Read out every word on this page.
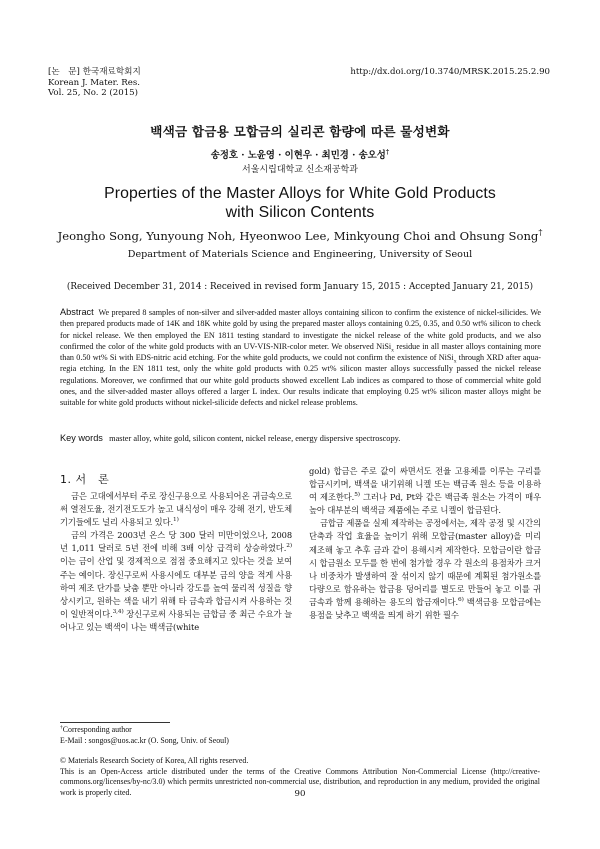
[논　문] 한국재료학회지
Korean J. Mater. Res.
Vol. 25, No. 2 (2015)
http://dx.doi.org/10.3740/MRSK.2015.25.2.90
백색금 합금용 모합금의 실리콘 함량에 따른 물성변화
송정호 · 노윤영 · 이현우 · 최민경 · 송오성†
서울시립대학교 신소재공학과
Properties of the Master Alloys for White Gold Products
with Silicon Contents
Jeongho Song, Yunyoung Noh, Hyeonwoo Lee, Minkyoung Choi and Ohsung Song†
Department of Materials Science and Engineering, University of Seoul
(Received December 31, 2014 : Received in revised form January 15, 2015 : Accepted January 21, 2015)
Abstract We prepared 8 samples of non-silver and silver-added master alloys containing silicon to confirm the existence of nickel-silicides. We then prepared products made of 14K and 18K white gold by using the prepared master alloys containing 0.25, 0.35, and 0.50 wt% silicon to check for nickel release. We then employed the EN 1811 testing standard to investigate the nickel release of the white gold products, and we also confirmed the color of the white gold products with an UV-VIS-NIR-color meter. We observed NiSi$_x$ residue in all master alloys containing more than 0.50 wt% Si with EDS-nitric acid etching. For the white gold products, we could not confirm the existence of NiSi$_x$ through XRD after aqua-regia etching. In the EN 1811 test, only the white gold products with 0.25 wt% silicon master alloys successfully passed the nickel release regulations. Moreover, we confirmed that our white gold products showed excellent Lab indices as compared to those of commercial white gold ones, and the silver-added master alloys offered a larger L index. Our results indicate that employing 0.25 wt% silicon master alloys might be suitable for white gold products without nickel-silicide defects and nickel release problems.
Key words master alloy, white gold, silicon content, nickel release, energy dispersive spectroscopy.
1. 서　론

금은 고대에서부터 주로 장신구용으로 사용되어온 귀금속으로써 열전도율, 전기전도도가 높고 내식성이 매우 강해 전기, 반도체 기기들에도 널리 사용되고 있다.$^{1)}$

금의 가격은 2003년 온스 당 300 달러 미만이었으나, 2008년 1,011 달러로 5년 전에 비해 3배 이상 급격히 상승하였다.$^{2)}$ 이는 금이 산업 및 경제적으로 점점 중요해지고 있다는 것을 보여주는 예이다. 장신구로써 사용시에도 대부분 금의 양을 적게 사용하여 제조 단가를 낮춤 뿐만 아니라 강도를 높여 물리적 성질을 향상시키고, 원하는 색을 내기 위해 타 금속과 합금시켜 사용하는 것이 일반적이다.$^{3,4)}$ 장신구로써 사용되는 금합금 중 최근 수요가 늘어나고 있는 백색이 나는 백색금(white

gold) 합금은 주로 값이 싸면서도 전율 고용체를 이루는 구리를 합금시키며, 백색을 내기위해 니켈 또는 백금족 원소 등을 이용하여 제조한다.$^{5)}$ 그러나 Pd, Pt와 같은 백금족 원소는 가격이 매우 높아 대부분의 백색금 제품에는 주로 니켈이 합금된다.

금합금 제품을 실제 제작하는 공정에서는, 제작 공정 및 시간의 단축과 작업 효율을 높이기 위해 모합금(master alloy)을 미리 제조해 놓고 추후 금과 같이 용해시켜 제작한다. 모합금이란 합금 시 합금원소 모두를 한 번에 첨가할 경우 각 원소의 용점차가 크거나 비중차가 발생하여 잘 섞이지 않기 때문에 계획된 첨가원소를 다량으로 함유하는 합금용 덩어리를 별도로 만들어 놓고 이를 귀금속과 함께 용해하는 용도의 합금재이다.$^{6)}$ 백색금용 모합금에는 용점을 낮추고 백색을 띄게 하기 위한 필수

†Corresponding author
E-Mail : songos@uos.ac.kr (O. Song, Univ. of Seoul)
© Materials Research Society of Korea, All rights reserved.
This is an Open-Access article distributed under the terms of the Creative Commons Attribution Non-Commercial License (http://creative-commons.org/licenses/by-nc/3.0) which permits unrestricted non-commercial use, distribution, and reproduction in any medium, provided the original work is properly cited.	90
